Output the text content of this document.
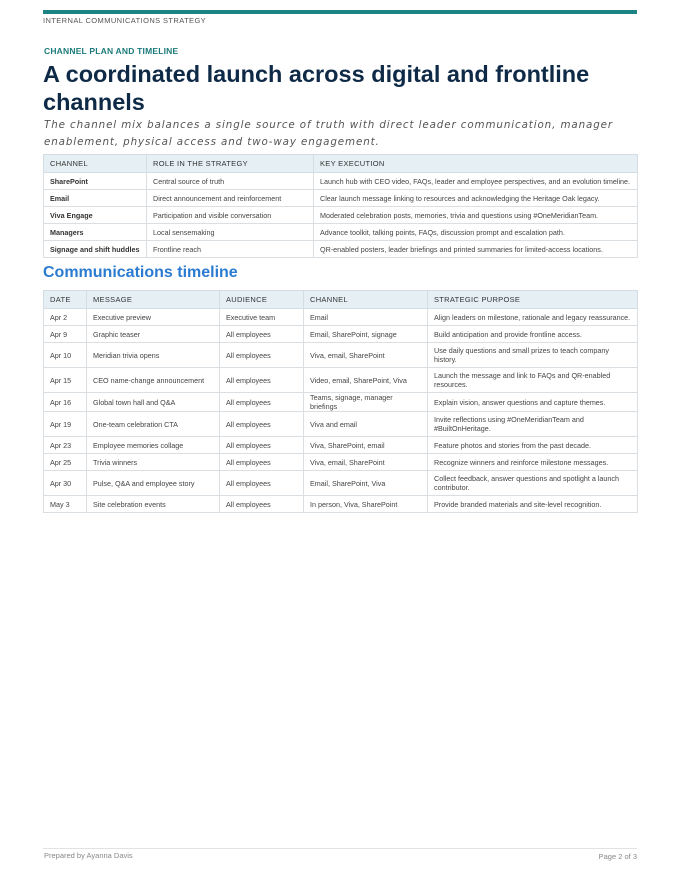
INTERNAL COMMUNICATIONS STRATEGY
CHANNEL PLAN AND TIMELINE
A coordinated launch across digital and frontline channels

The channel mix balances a single source of truth with direct leader communication, manager enablement, physical access and two-way engagement.

CHANNEL	ROLE IN THE STRATEGY	KEY EXECUTION
SharePoint	Central source of truth	Launch hub with CEO video, FAQs, leader and employee perspectives, and an evolution timeline.
Email	Direct announcement and reinforcement	Clear launch message linking to resources and acknowledging the Heritage Oak legacy.
Viva Engage	Participation and visible conversation	Moderated celebration posts, memories, trivia and questions using #OneMeridianTeam.
Managers	Local sensemaking	Advance toolkit, talking points, FAQs, discussion prompt and escalation path.
Signage and shift huddles	Frontline reach	QR-enabled posters, leader briefings and printed summaries for limited-access locations.
Communications timeline
DATE	MESSAGE	AUDIENCE	CHANNEL	STRATEGIC PURPOSE
Apr 2	Executive preview	Executive team	Email	Align leaders on milestone, rationale and legacy reassurance.
Apr 9	Graphic teaser	All employees	Email, SharePoint, signage	Build anticipation and provide frontline access.
Apr 10	Meridian trivia opens	All employees	Viva, email, SharePoint	Use daily questions and small prizes to teach company history.
Apr 15	CEO name-change announcement	All employees	Video, email, SharePoint, Viva	Launch the message and link to FAQs and QR-enabled resources.
Apr 16	Global town hall and Q&A	All employees	Teams, signage, manager briefings	Explain vision, answer questions and capture themes.
Apr 19	One-team celebration CTA	All employees	Viva and email	Invite reflections using #OneMeridianTeam and #BuiltOnHeritage.
Apr 23	Employee memories collage	All employees	Viva, SharePoint, email	Feature photos and stories from the past decade.
Apr 25	Trivia winners	All employees	Viva, email, SharePoint	Recognize winners and reinforce milestone messages.
Apr 30	Pulse, Q&A and employee story	All employees	Email, SharePoint, Viva	Collect feedback, answer questions and spotlight a launch contributor.
May 3	Site celebration events	All employees	In person, Viva, SharePoint	Provide branded materials and site-level recognition.
Prepared by Ayanna Davis	Page 2 of 3
